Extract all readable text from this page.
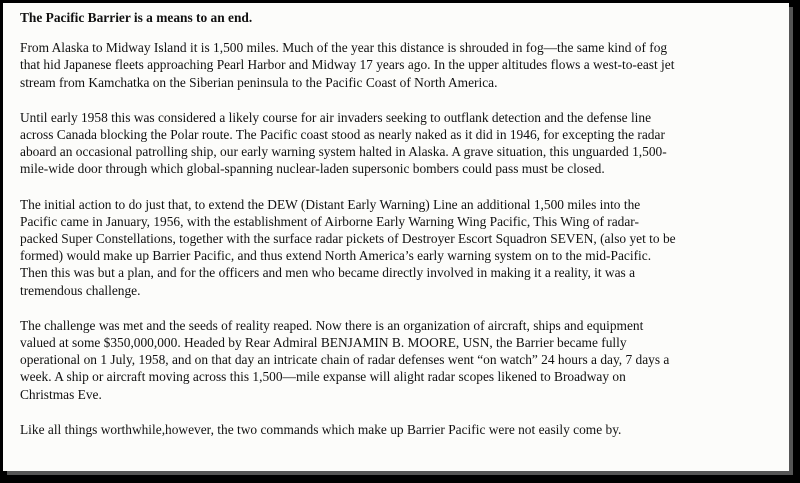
The Pacific Barrier is a means to an end.
From Alaska to Midway Island it is 1,500 miles. Much of the year this distance is shrouded in fog—the same kind of fog
that hid Japanese fleets approaching Pearl Harbor and Midway 17 years ago. In the upper altitudes flows a west-to-east jet
stream from Kamchatka on the Siberian peninsula to the Pacific Coast of North America.
Until early 1958 this was considered a likely course for air invaders seeking to outflank detection and the defense line
across Canada blocking the Polar route. The Pacific coast stood as nearly naked as it did in 1946, for excepting the radar
aboard an occasional patrolling ship, our early warning system halted in Alaska. A grave situation, this unguarded 1,500-
mile-wide door through which global-spanning nuclear-laden supersonic bombers could pass must be closed.
The initial action to do just that, to extend the DEW (Distant Early Warning) Line an additional 1,500 miles into the
Pacific came in January, 1956, with the establishment of Airborne Early Warning Wing Pacific, This Wing of radar-
packed Super Constellations, together with the surface radar pickets of Destroyer Escort Squadron SEVEN, (also yet to be
formed) would make up Barrier Pacific, and thus extend North America’s early warning system on to the mid-Pacific.
Then this was but a plan, and for the officers and men who became directly involved in making it a reality, it was a
tremendous challenge.
The challenge was met and the seeds of reality reaped. Now there is an organization of aircraft, ships and equipment
valued at some $350,000,000. Headed by Rear Admiral BENJAMIN B. MOORE, USN, the Barrier became fully
operational on 1 July, 1958, and on that day an intricate chain of radar defenses went “on watch” 24 hours a day, 7 days a
week. A ship or aircraft moving across this 1,500—mile expanse will alight radar scopes likened to Broadway on
Christmas Eve.
Like all things worthwhile,however, the two commands which make up Barrier Pacific were not easily come by.
